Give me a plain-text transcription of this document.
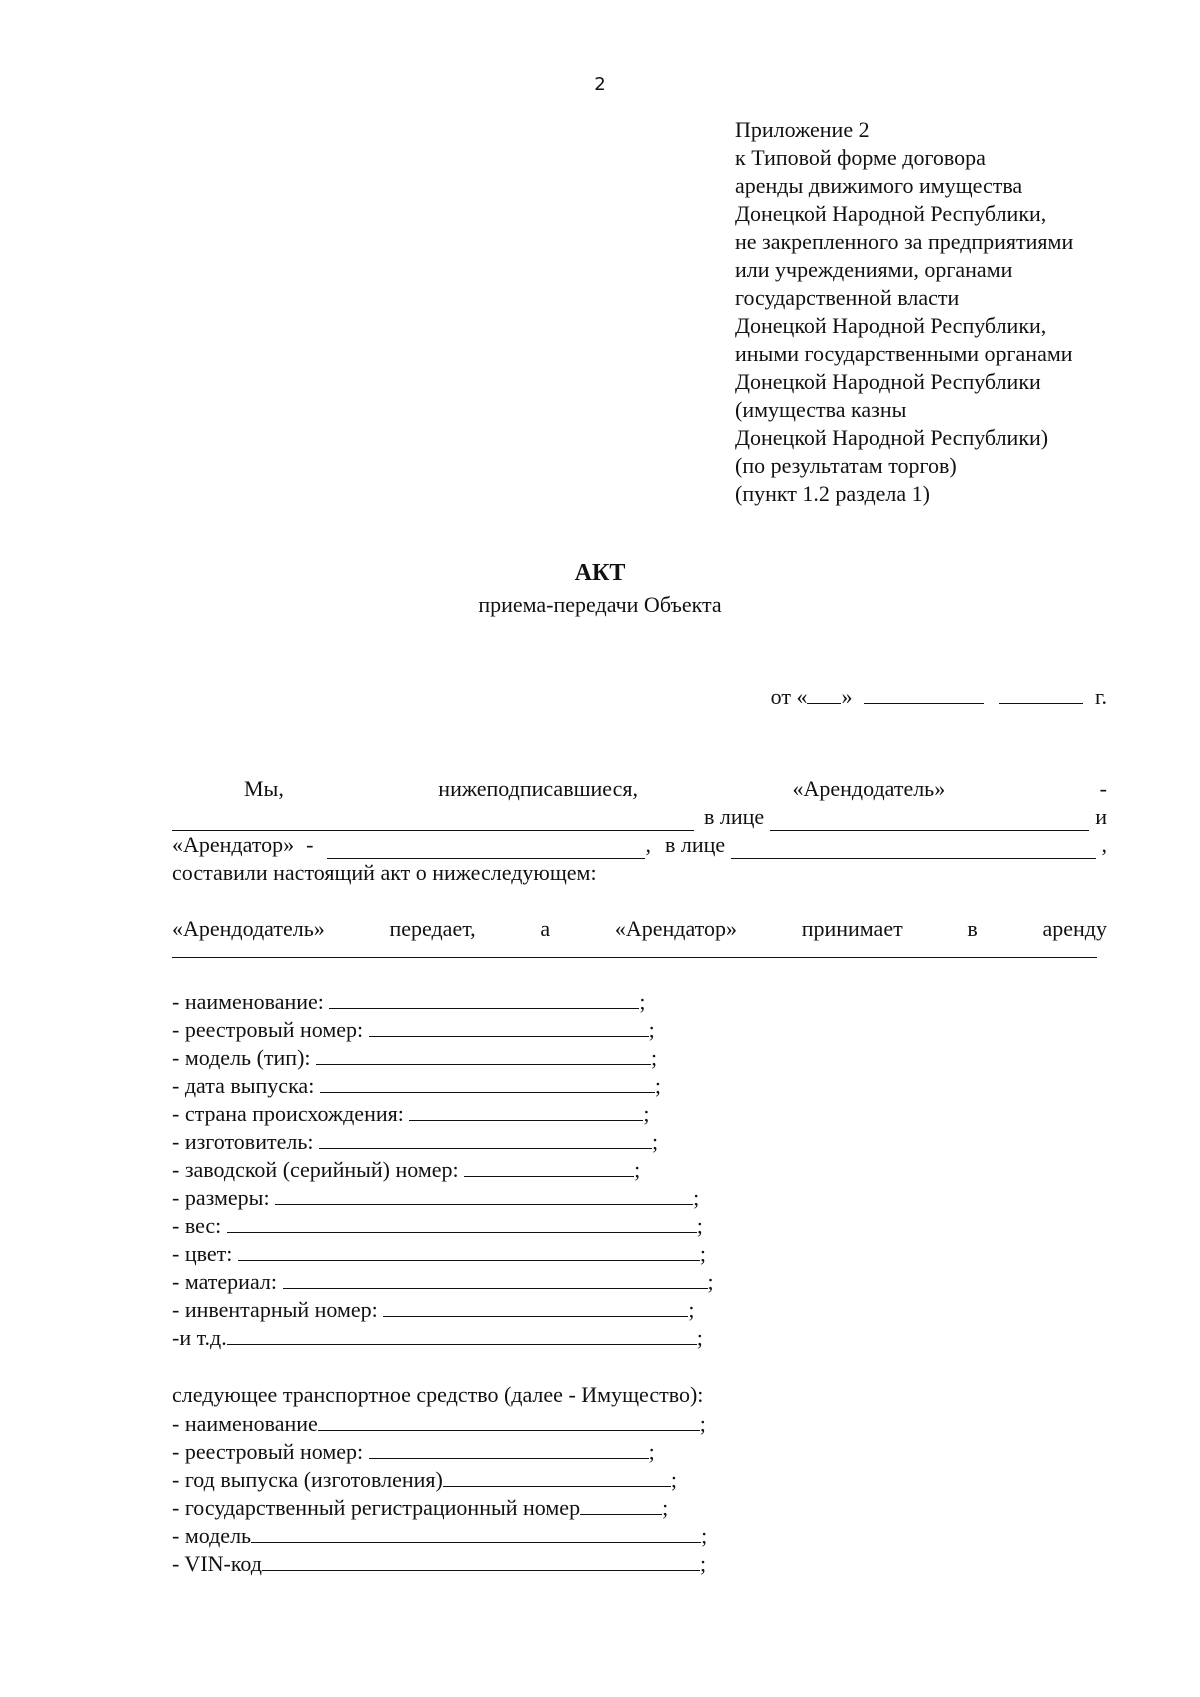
2
Приложение 2
к Типовой форме договора
аренды движимого имущества
Донецкой Народной Республики,
не закрепленного за предприятиями
или учреждениями, органами
государственной власти
Донецкой Народной Республики,
иными государственными органами
Донецкой Народной Республики
(имущества казны
Донецкой Народной Республики)
(по результатам торгов)
(пункт 1.2 раздела 1)
АКТ
приема-передачи Объекта
от « »	г.
Мы,	нижеподписавшиеся,	«Арендодатель»	-
в лице	и
«Арендатор» -	, в лице	,
составили настоящий акт о нижеследующем:
«Арендодатель»	передает,	а	«Арендатор»	принимает	в	аренду
- наименование:	;
- реестровый номер:	;
- модель (тип):	;
- дата выпуска:	;
- страна происхождения:	;
- изготовитель:	;
- заводской (серийный) номер:	;
- размеры:	;
- вес:	;
- цвет:	;
- материал:	;
- инвентарный номер:	;
-и т.д.	;
следующее транспортное средство (далее - Имущество):
- наименование	;
- реестровый номер:	;
- год выпуска (изготовления)	;
- государственный регистрационный номер	;
- модель	;
- VIN-код	;
